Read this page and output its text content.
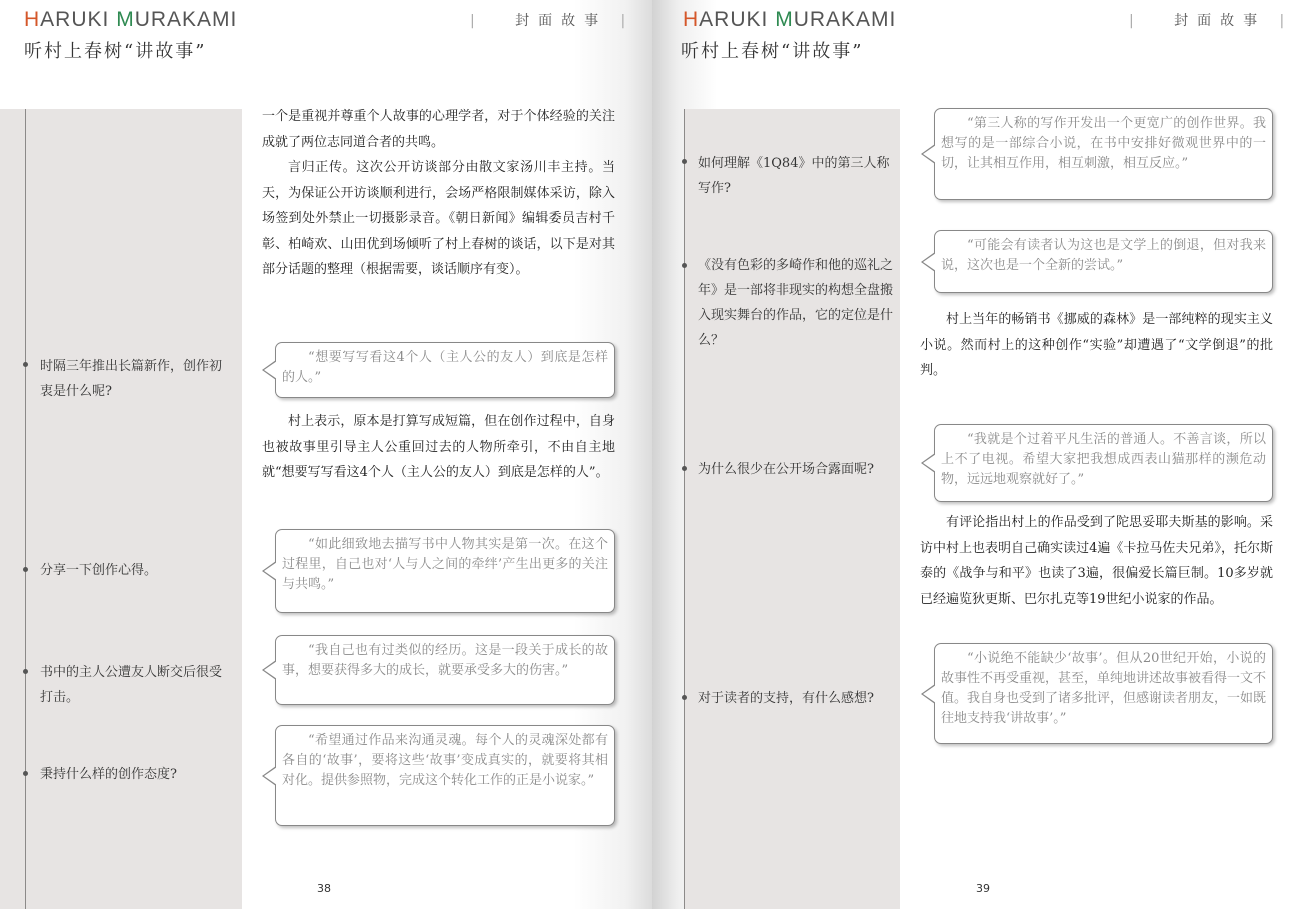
HARUKI MURAKAMI
听村上春树“讲故事”
|	封面故事 |
时隔三年推出长篇新作，创作初衷是什么呢?
分享一下创作心得。
书中的主人公遭友人断交后很受打击。
秉持什么样的创作态度?

一个是重视并尊重个人故事的心理学者，对于个体经验的关注成就了两位志同道合者的共鸣。

言归正传。这次公开访谈部分由散文家汤川丰主持。当天，为保证公开访谈顺利进行，会场严格限制媒体采访，除入场签到处外禁止一切摄影录音。《朝日新闻》编辑委员吉村千彰、柏崎欢、山田优到场倾听了村上春树的谈话，以下是对其部分话题的整理（根据需要，谈话顺序有变）。

村上表示，原本是打算写成短篇，但在创作过程中，自身也被故事里引导主人公重回过去的人物所牵引，不由自主地就“想要写写看这4个人（主人公的友人）到底是怎样的人”。

“想要写写看这4个人（主人公的友人）到底是怎样的人。”
“如此细致地去描写书中人物其实是第一次。在这个过程里，自己也对‘人与人之间的牵绊’产生出更多的关注与共鸣。”
“我自己也有过类似的经历。这是一段关于成长的故事，想要获得多大的成长，就要承受多大的伤害。”
“希望通过作品来沟通灵魂。每个人的灵魂深处都有各自的‘故事’，要将这些‘故事’变成真实的，就要将其相对化。提供参照物，完成这个转化工作的正是小说家。”
38
HARUKI MURAKAMI
听村上春树“讲故事”
|	封面故事 |
如何理解《1Q84》中的第三人称写作?
《没有色彩的多崎作和他的巡礼之年》是一部将非现实的构想全盘搬入现实舞台的作品，它的定位是什么？
为什么很少在公开场合露面呢?
对于读者的支持，有什么感想?
“第三人称的写作开发出一个更宽广的创作世界。我想写的是一部综合小说，在书中安排好微观世界中的一切，让其相互作用，相互刺激，相互反应。”
“可能会有读者认为这也是文学上的倒退，但对我来说，这次也是一个全新的尝试。”
“我就是个过着平凡生活的普通人。不善言谈，所以上不了电视。希望大家把我想成西表山猫那样的濒危动物，远远地观察就好了。”
“小说绝不能缺少‘故事’。但从20世纪开始，小说的故事性不再受重视，甚至，单纯地讲述故事被看得一文不值。我自身也受到了诸多批评，但感谢读者朋友，一如既往地支持我‘讲故事’。”

村上当年的畅销书《挪威的森林》是一部纯粹的现实主义小说。然而村上的这种创作“实验”却遭遇了“文学倒退”的批判。

有评论指出村上的作品受到了陀思妥耶夫斯基的影响。采访中村上也表明自己确实读过4遍《卡拉马佐夫兄弟》，托尔斯泰的《战争与和平》也读了3遍，很偏爱长篇巨制。10多岁就已经遍览狄更斯、巴尔扎克等19世纪小说家的作品。

39
